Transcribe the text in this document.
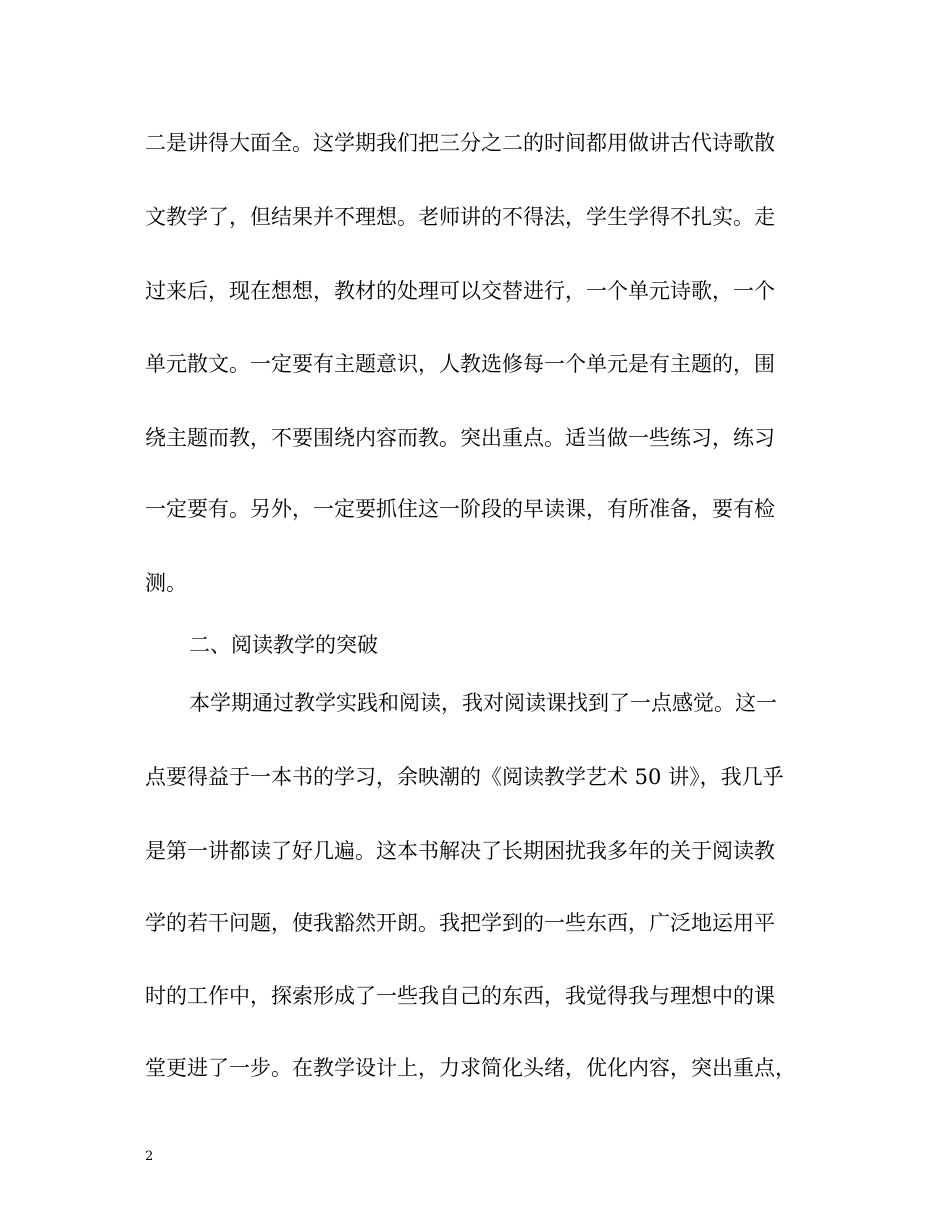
二是讲得大面全。这学期我们把三分之二的时间都用做讲古代诗歌散
文教学了，但结果并不理想。老师讲的不得法，学生学得不扎实。走
过来后，现在想想，教材的处理可以交替进行，一个单元诗歌，一个
单元散文。一定要有主题意识，人教选修每一个单元是有主题的，围
绕主题而教，不要围绕内容而教。突出重点。适当做一些练习，练习
一定要有。另外，一定要抓住这一阶段的早读课，有所准备，要有检
测。
二、阅读教学的突破
本学期通过教学实践和阅读，我对阅读课找到了一点感觉。这一
点要得益于一本书的学习，余映潮的《阅读教学艺术 50 讲》，我几乎
是第一讲都读了好几遍。这本书解决了长期困扰我多年的关于阅读教
学的若干问题，使我豁然开朗。我把学到的一些东西，广泛地运用平
时的工作中，探索形成了一些我自己的东西，我觉得我与理想中的课
堂更进了一步。在教学设计上，力求简化头绪，优化内容，突出重点，
2
